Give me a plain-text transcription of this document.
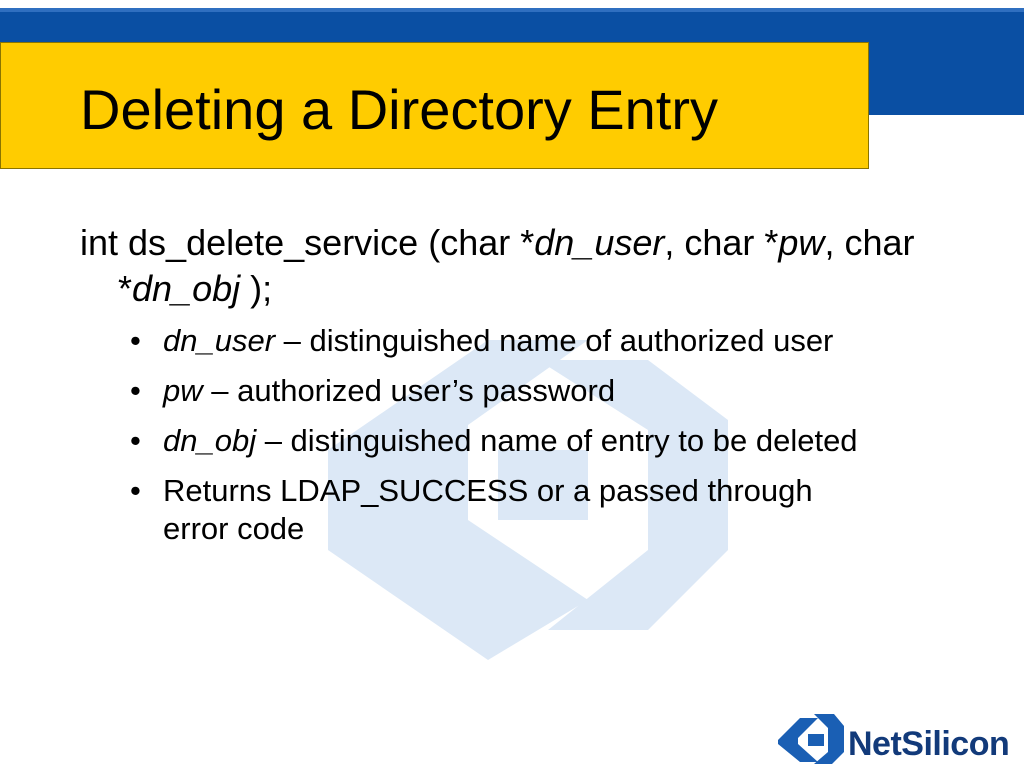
Deleting a Directory Entry

int ds_delete_service (char *dn_user, char *pw, char *dn_obj );

• dn_user – distinguished name of authorized user
• pw – authorized user’s password
• dn_obj – distinguished name of entry to be deleted
• Returns LDAP_SUCCESS or a passed through error code
NetSilicon
